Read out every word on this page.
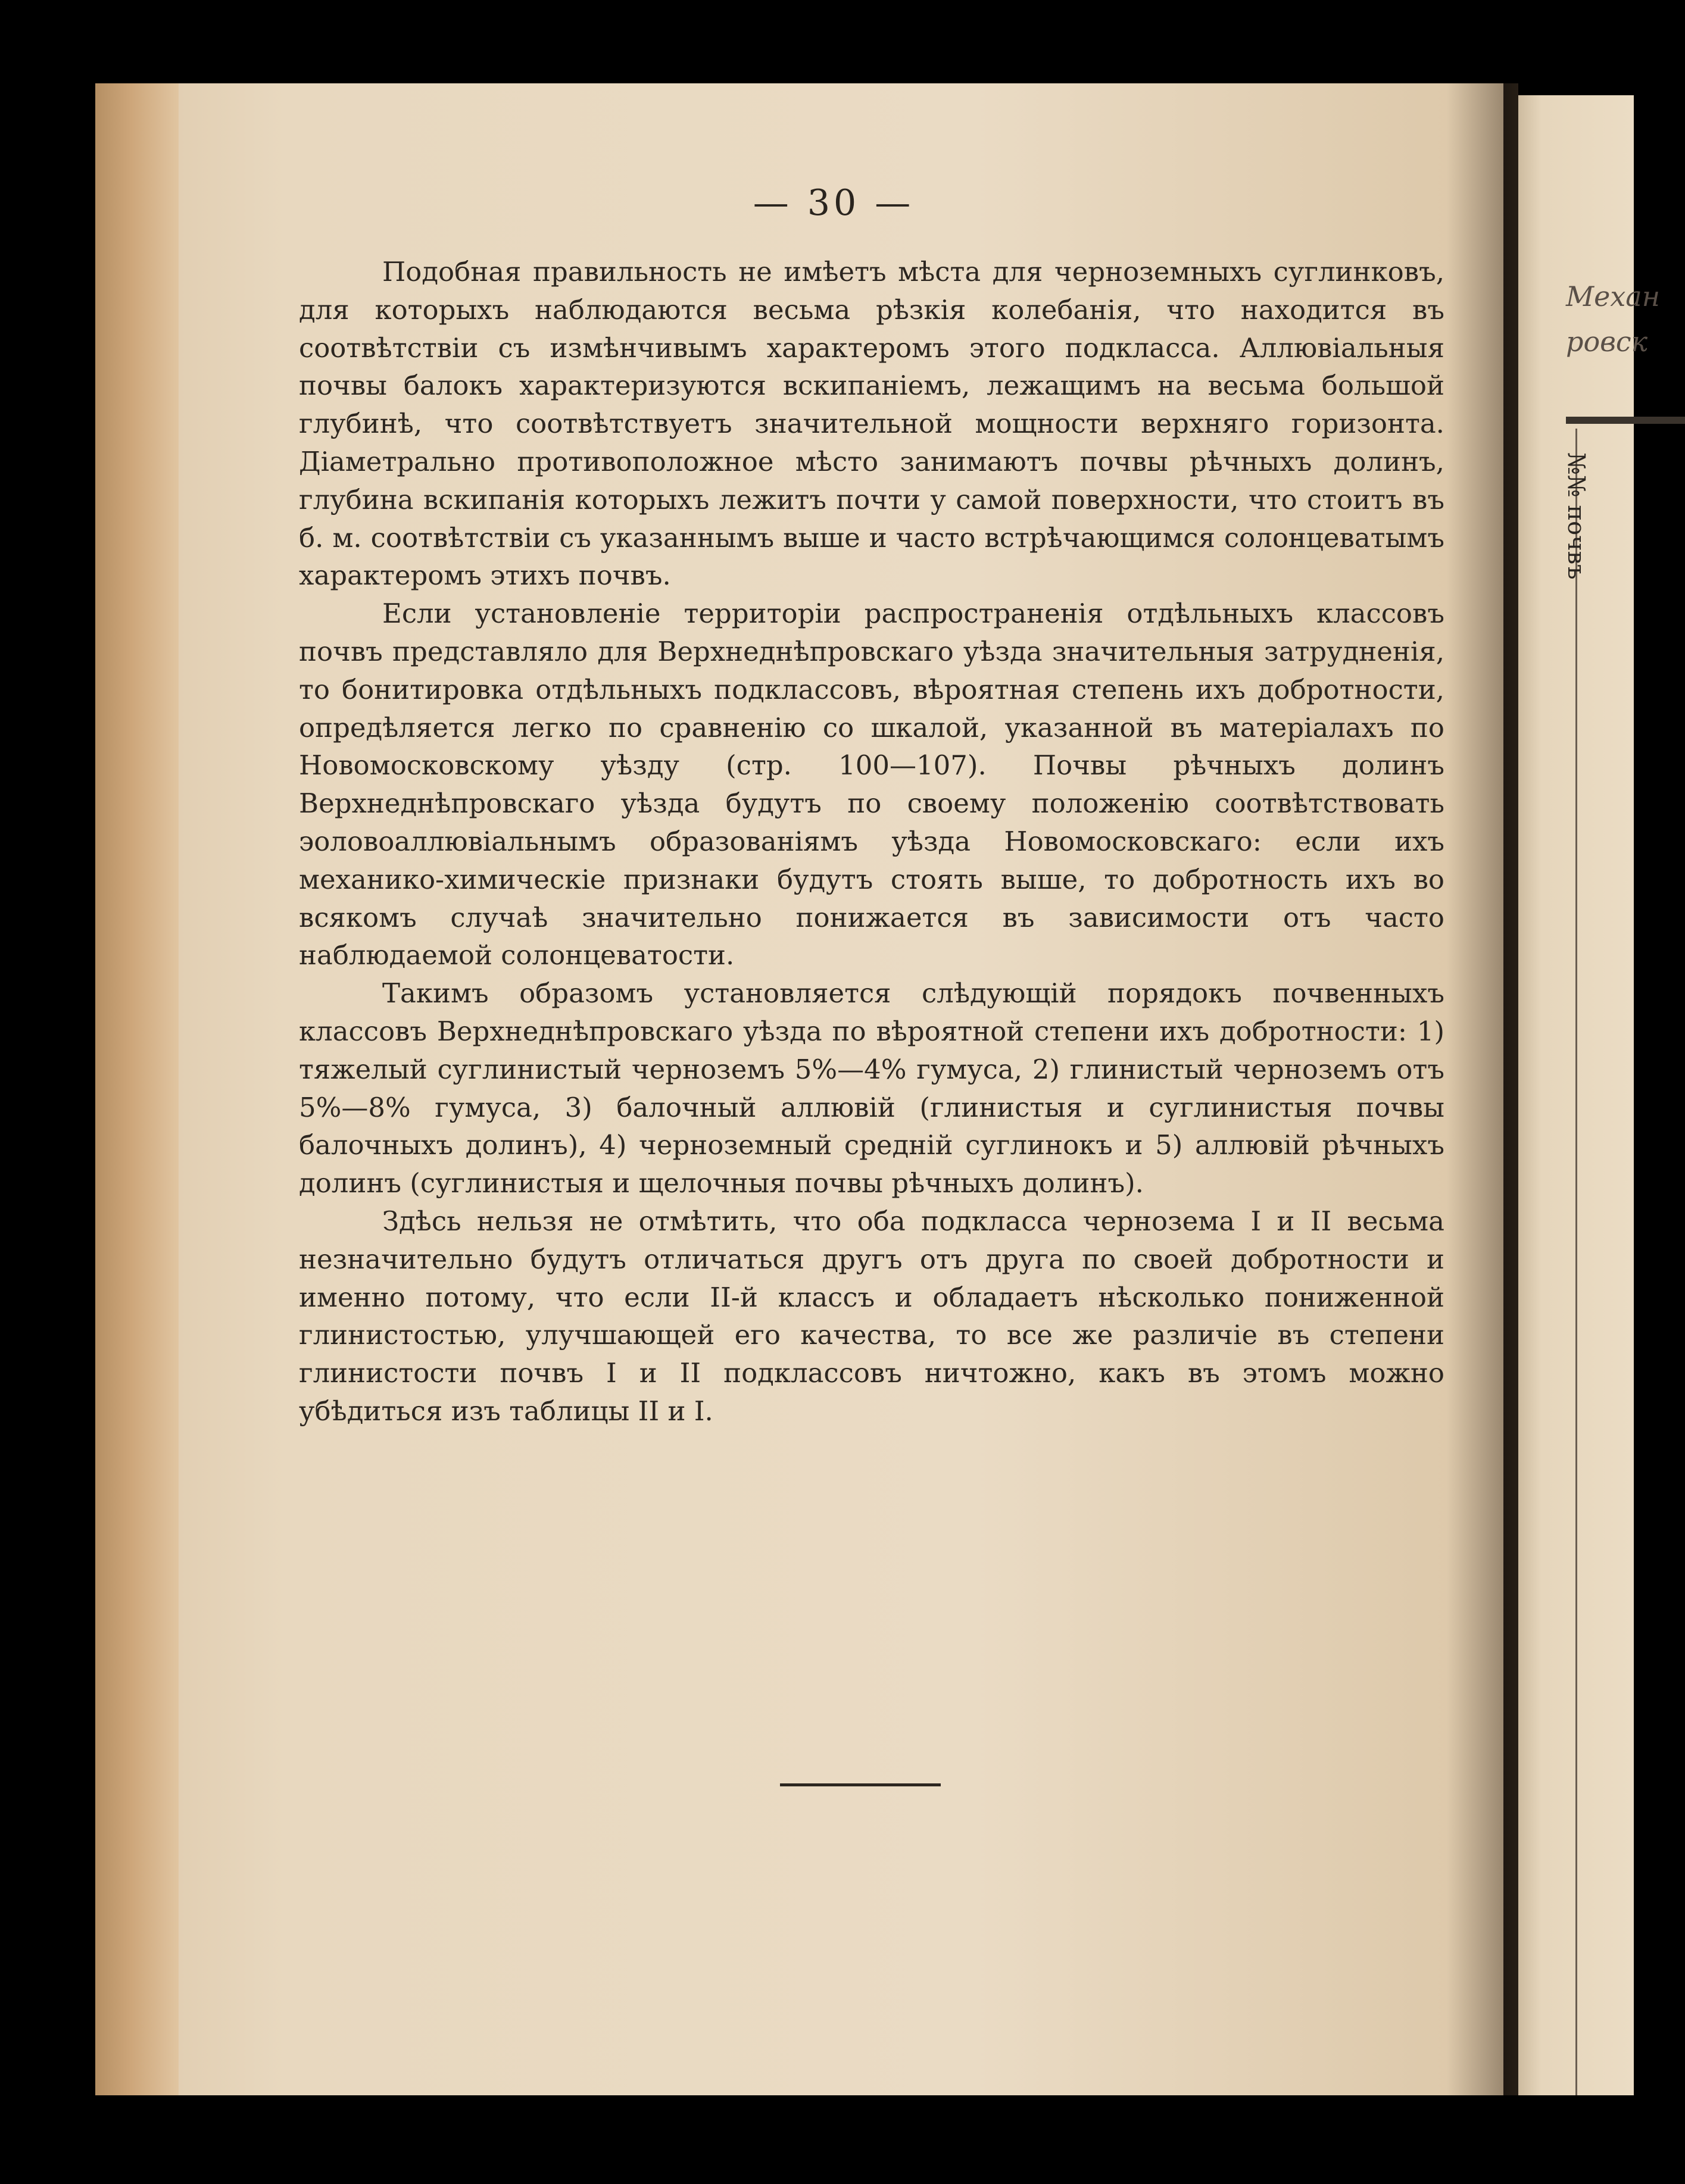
Механ
ровск
№№ почвъ
— 30 —

Подобная правильность не имѣетъ мѣста для черноземныхъ суглинковъ, для которыхъ наблюдаются весьма рѣзкія колебанія, что находится въ соотвѣтствіи съ измѣнчивымъ характеромъ этого подкласса. Аллювіальныя почвы балокъ характеризуются вскипаніемъ, лежащимъ на весьма большой глубинѣ, что соотвѣтствуетъ значительной мощности верхняго горизонта. Діаметрально противоположное мѣсто занимаютъ почвы рѣчныхъ долинъ, глубина вскипанія которыхъ лежитъ почти у самой поверхности, что стоитъ въ б. м. соотвѣтствіи съ указаннымъ выше и часто встрѣчающимся солонцеватымъ характеромъ этихъ почвъ.

Если установленіе территоріи распространенія отдѣльныхъ классовъ почвъ представляло для Верхнеднѣпровскаго уѣзда значительныя затрудненія, то бонитировка отдѣльныхъ подклассовъ, вѣроятная степень ихъ добротности, опредѣляется легко по сравненію со шкалой, указанной въ матеріалахъ по Новомосковскому уѣзду (стр. 100—107). Почвы рѣчныхъ долинъ Верхнеднѣпровскаго уѣзда будутъ по своему положенію соотвѣтствовать эоловоаллювіальнымъ образованіямъ уѣзда Новомосковскаго: если ихъ механико-химическіе признаки будутъ стоять выше, то добротность ихъ во всякомъ случаѣ значительно понижается въ зависимости отъ часто наблюдаемой солонцеватости.

Такимъ образомъ установляется слѣдующій порядокъ почвенныхъ классовъ Верхнеднѣпровскаго уѣзда по вѣроятной степени ихъ добротности: 1) тяжелый суглинистый черноземъ 5%—4% гумуса, 2) глинистый черноземъ отъ 5%—8% гумуса, 3) балочный аллювій (глинистыя и суглинистыя почвы балочныхъ долинъ), 4) черноземный средній суглинокъ и 5) аллювій рѣчныхъ долинъ (суглинистыя и щелочныя почвы рѣчныхъ долинъ).

Здѣсь нельзя не отмѣтить, что оба подкласса чернозема I и II весьма незначительно будутъ отличаться другъ отъ друга по своей добротности и именно потому, что если II-й классъ и обладаетъ нѣсколько пониженной глинистостью, улучшающей его качества, то все же различіе въ степени глинистости почвъ I и II подклассовъ ничтожно, какъ въ этомъ можно убѣдиться изъ таблицы II и I.
